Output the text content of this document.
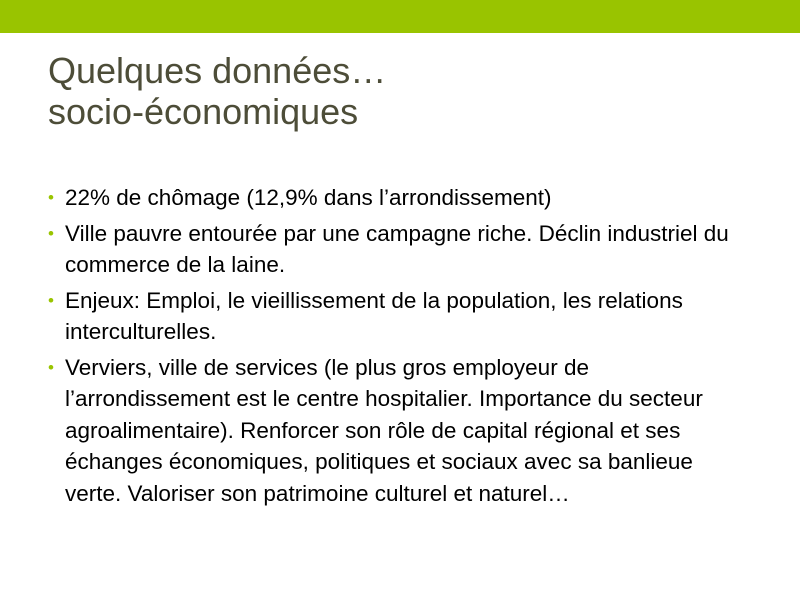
Quelques données…
socio-économiques
• 22% de chômage (12,9% dans l’arrondissement)
• Ville pauvre entourée par une campagne riche. Déclin industriel du commerce de la laine.
• Enjeux: Emploi, le vieillissement de la population, les relations interculturelles.
• Verviers, ville de services (le plus gros employeur de l’arrondissement est le centre hospitalier. Importance du secteur agroalimentaire). Renforcer son rôle de capital régional et ses échanges économiques, politiques et sociaux avec sa banlieue verte. Valoriser son patrimoine culturel et naturel…
